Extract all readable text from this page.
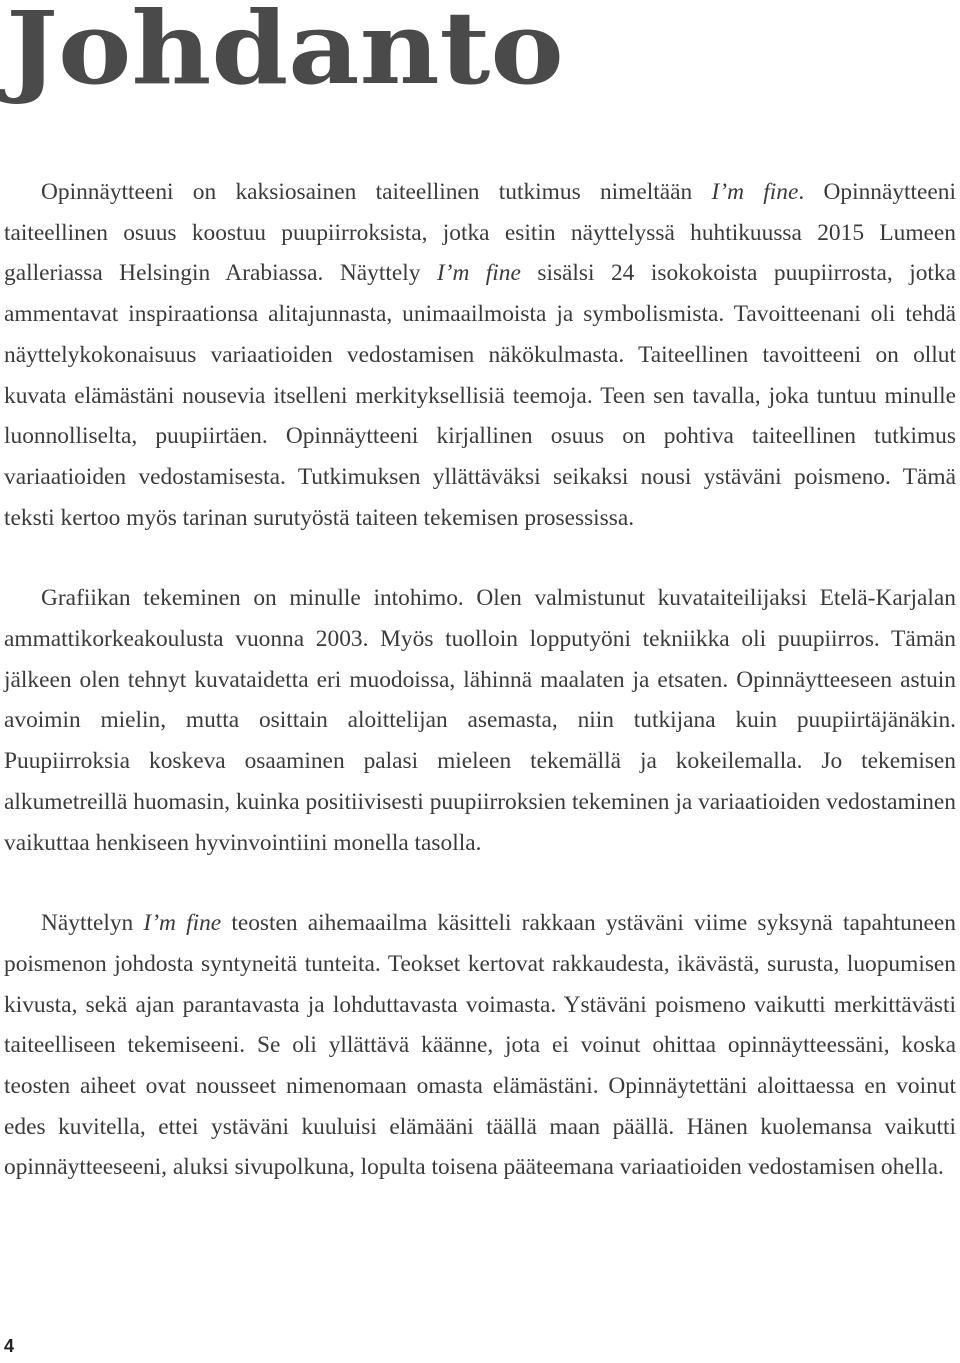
Johdanto

Opinnäytteeni on kaksiosainen taiteellinen tutkimus nimeltään I’m fine. Opinnäytteeni taiteellinen osuus koostuu puupiirroksista, jotka esitin näyttelyssä huhtikuussa 2015 Lumeen galleriassa Helsingin Arabiassa. Näyttely I’m fine sisälsi 24 isokokoista puupiirrosta, jotka ammentavat inspiraationsa alitajunnasta, unimaailmoista ja symbolismista. Tavoitteenani oli tehdä näyttelykokonaisuus variaatioiden vedostamisen näkökulmasta. Taiteellinen tavoitteeni on ollut kuvata elämästäni nousevia itselleni merkityksellisiä teemoja. Teen sen tavalla, joka tuntuu minulle luonnolliselta, puupiirtäen. Opinnäytteeni kirjallinen osuus on pohtiva taiteellinen tutkimus variaatioiden vedostamisesta. Tutkimuksen yllättäväksi seikaksi nousi ystäväni poismeno. Tämä teksti kertoo myös tarinan surutyöstä taiteen tekemisen prosessissa.

Grafiikan tekeminen on minulle intohimo. Olen valmistunut kuvataiteilijaksi Etelä-Karjalan ammattikorkeakoulusta vuonna 2003. Myös tuolloin lopputyöni tekniikka oli puupiirros. Tämän jälkeen olen tehnyt kuvataidetta eri muodoissa, lähinnä maalaten ja etsaten. Opinnäytteeseen astuin avoimin mielin, mutta osittain aloittelijan asemasta, niin tutkijana kuin puupiirtäjänäkin. Puupiirroksia koskeva osaaminen palasi mieleen tekemällä ja kokeilemalla. Jo tekemisen alkumetreillä huomasin, kuinka positiivisesti puupiirroksien tekeminen ja variaatioiden vedostaminen vaikuttaa henkiseen hyvinvointiini monella tasolla.

Näyttelyn I’m fine teosten aihemaailma käsitteli rakkaan ystäväni viime syksynä tapahtuneen poismenon johdosta syntyneitä tunteita. Teokset kertovat rakkaudesta, ikävästä, surusta, luopumisen kivusta, sekä ajan parantavasta ja lohduttavasta voimasta. Ystäväni poismeno vaikutti merkittävästi taiteelliseen tekemiseeni. Se oli yllättävä käänne, jota ei voinut ohittaa opinnäytteessäni, koska teosten aiheet ovat nousseet nimenomaan omasta elämästäni. Opinnäytettäni aloittaessa en voinut edes kuvitella, ettei ystäväni kuuluisi elämääni täällä maan päällä. Hänen kuolemansa vaikutti opinnäytteeseeni, aluksi sivupolkuna, lopulta toisena pääteemana variaatioiden vedostamisen ohella.

4
